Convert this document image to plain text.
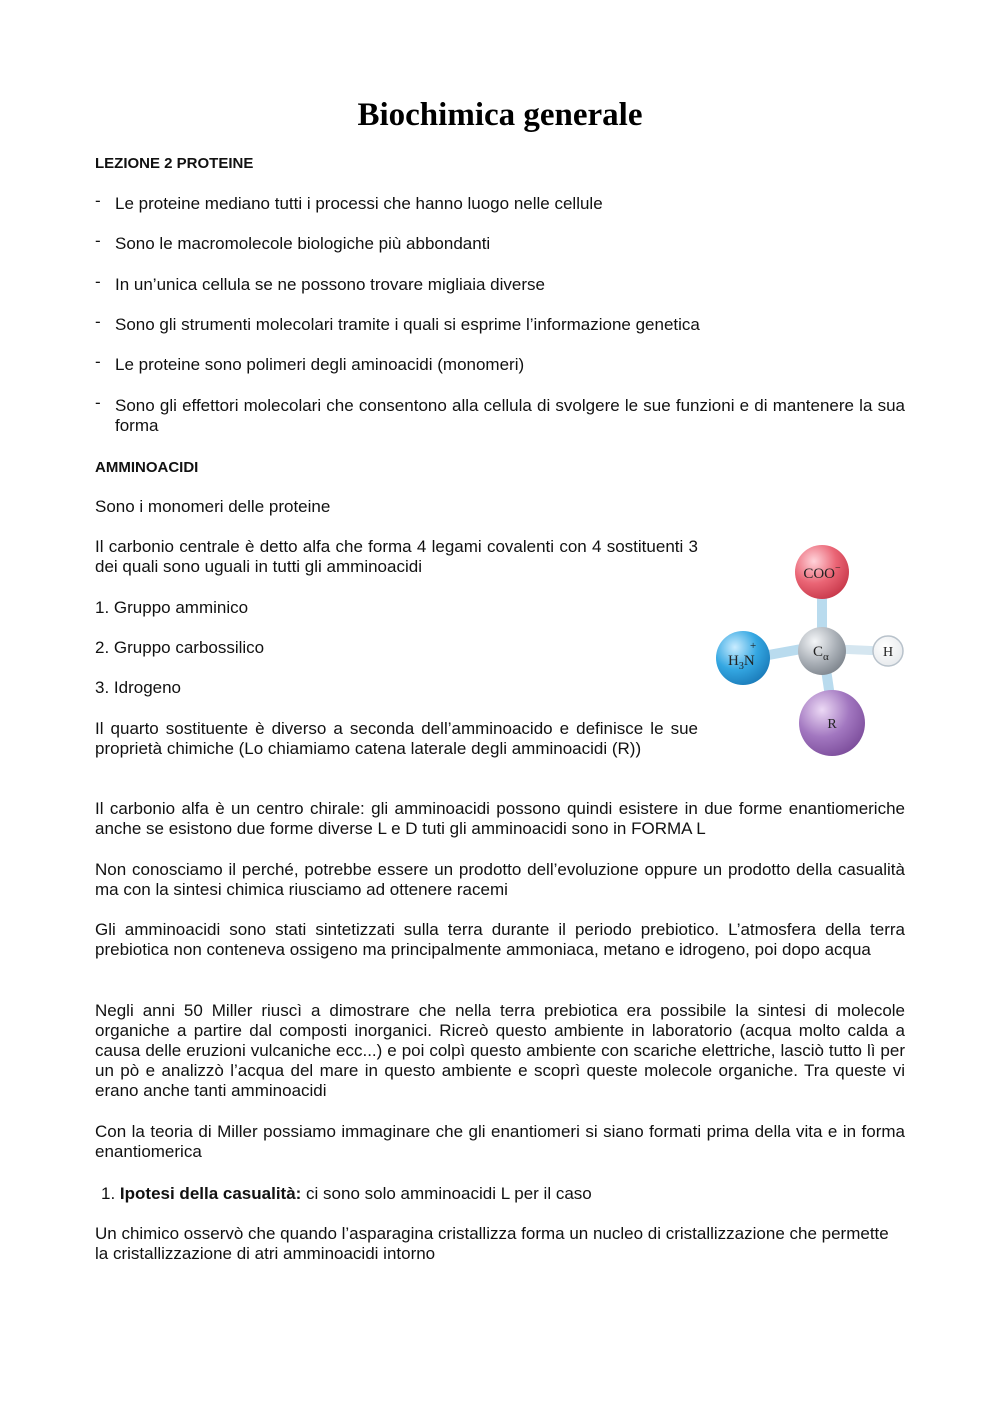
Biochimica generale
LEZIONE 2 PROTEINE
- Le proteine mediano tutti i processi che hanno luogo nelle cellule
- Sono le macromolecole biologiche più abbondanti
- In un’unica cellula se ne possono trovare migliaia diverse
- Sono gli strumenti molecolari tramite i quali si esprime l’informazione genetica
- Le proteine sono polimeri degli aminoacidi (monomeri)
- Sono gli effettori molecolari che consentono alla cellula di svolgere le sue funzioni e di mantenere la sua forma
AMMINOACIDI
Sono i monomeri delle proteine
Il carbonio centrale è detto alfa che forma 4 legami covalenti con 4 sostituenti 3 dei quali sono uguali in tutti gli amminoacidi
1. Gruppo amminico
2. Gruppo carbossilico
3. Idrogeno
Il quarto sostituente è diverso a seconda dell’amminoacido e definisce le sue proprietà chimiche (Lo chiamiamo catena laterale degli amminoacidi (R))
Il carbonio alfa è un centro chirale: gli amminoacidi possono quindi esistere in due forme enantiomeriche anche se esistono due forme diverse L e D tuti gli amminoacidi sono in FORMA L
Non conosciamo il perché, potrebbe essere un prodotto dell’evoluzione oppure un prodotto della casualità ma con la sintesi chimica riusciamo ad ottenere racemi
Gli amminoacidi sono stati sintetizzati sulla terra durante il periodo prebiotico. L’atmosfera della terra prebiotica non conteneva ossigeno ma principalmente ammoniaca, metano e idrogeno, poi dopo acqua
Negli anni 50 Miller riuscì a dimostrare che nella terra prebiotica era possibile la sintesi di molecole organiche a partire dal composti inorganici. Ricreò questo ambiente in laboratorio (acqua molto calda a causa delle eruzioni vulcaniche ecc...) e poi colpì questo ambiente con scariche elettriche, lasciò tutto lì per un pò e analizzò l’acqua del mare in questo ambiente e scoprì queste molecole organiche. Tra queste vi erano anche tanti amminoacidi
Con la teoria di Miller possiamo immaginare che gli enantiomeri si siano formati prima della vita e in forma enantiomerica
1. Ipotesi della casualità: ci sono solo amminoacidi L per il caso
Un chimico osservò che quando l’asparagina cristallizza forma un nucleo di cristallizzazione che permette la cristallizzazione di atri amminoacidi intorno
COO−
$H_3N$
+	$C_\alpha$	H
R
